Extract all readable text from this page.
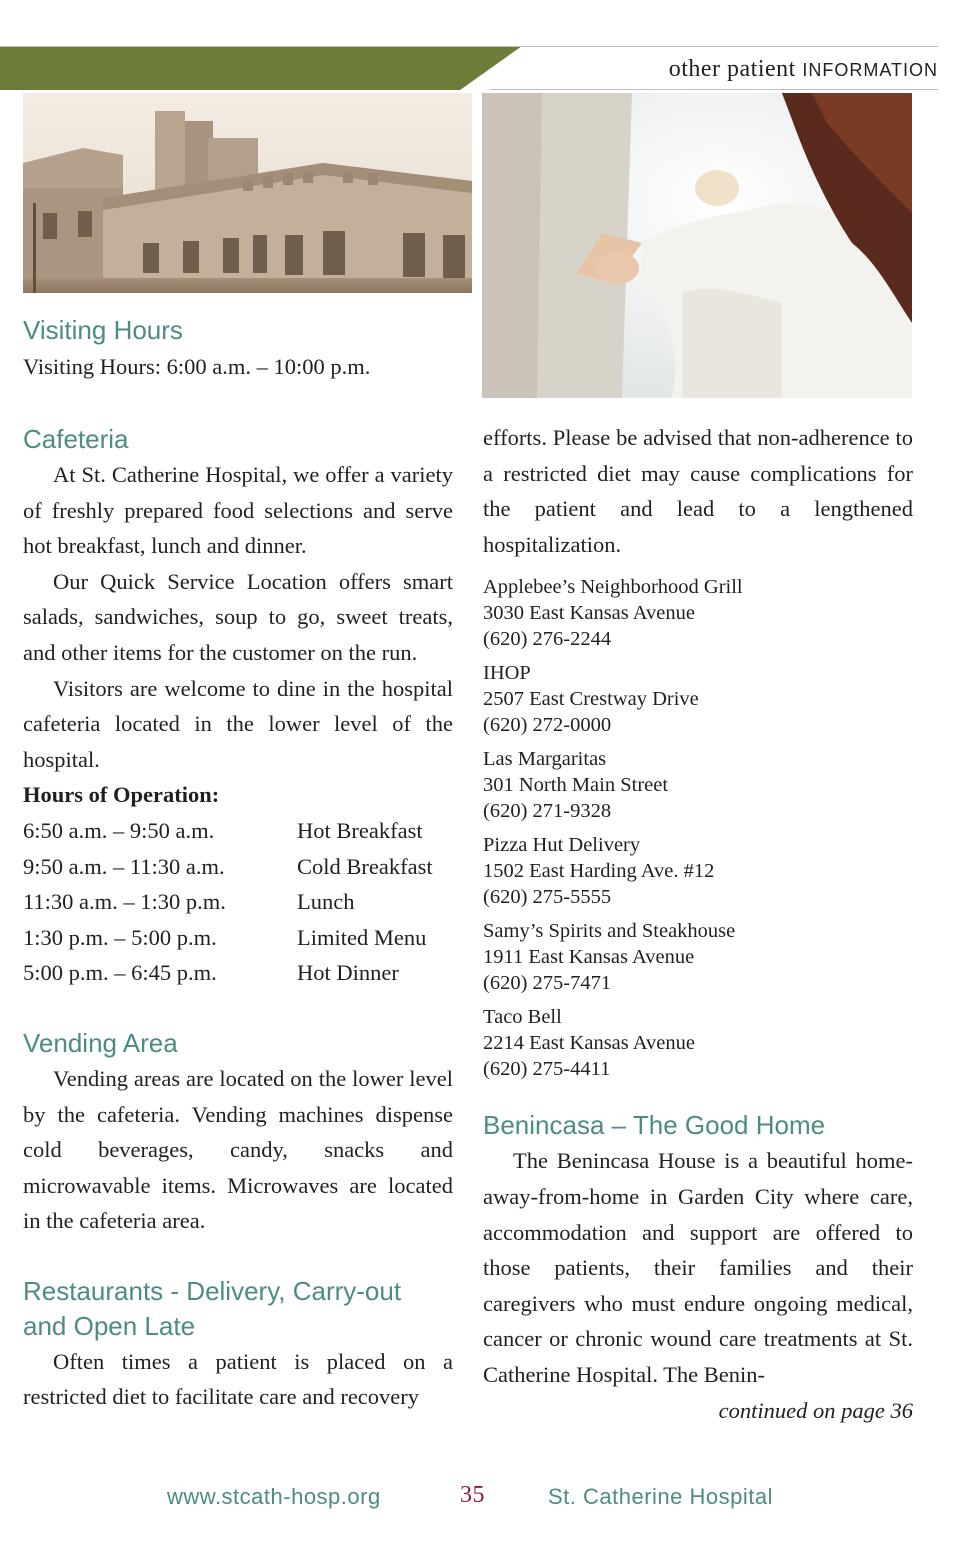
other patient INFORMATION
Visiting Hours

Visiting Hours: 6:00 a.m. – 10:00 p.m.

Cafeteria

At St. Catherine Hospital, we offer a variety of freshly prepared food selections and serve hot breakfast, lunch and dinner.

Our Quick Service Location offers smart salads, sandwiches, soup to go, sweet treats, and other items for the customer on the run.

Visitors are welcome to dine in the hospital cafeteria located in the lower level of the hospital.

Hours of Operation:

6:50 a.m. – 9:50 a.m.	Hot Breakfast
9:50 a.m. – 11:30 a.m.	Cold Breakfast
11:30 a.m. – 1:30 p.m.	Lunch
1:30 p.m. – 5:00 p.m.	Limited Menu
5:00 p.m. – 6:45 p.m.	Hot Dinner
Vending Area

Vending areas are located on the lower level by the cafeteria. Vending machines dispense cold beverages, candy, snacks and microwavable items. Microwaves are located in the cafeteria area.

Restaurants - Delivery, Carry-out
and Open Late

Often times a patient is placed on a restricted diet to facilitate care and recovery

efforts. Please be advised that non-adherence to a restricted diet may cause complications for the patient and lead to a lengthened hospitalization.

Applebee’s Neighborhood Grill
3030 East Kansas Avenue
(620) 276-2244
IHOP
2507 East Crestway Drive
(620) 272-0000
Las Margaritas
301 North Main Street
(620) 271-9328
Pizza Hut Delivery
1502 East Harding Ave. #12
(620) 275-5555
Samy’s Spirits and Steakhouse
1911 East Kansas Avenue
(620) 275-7471
Taco Bell
2214 East Kansas Avenue
(620) 275-4411
Benincasa – The Good Home

The Benincasa House is a beautiful home-away-from-home in Garden City where care, accommodation and support are offered to those patients, their families and their caregivers who must endure ongoing medical, cancer or chronic wound care treatments at St. Catherine Hospital. The Benin-

continued on page 36

www.stcath-hosp.org	35	St. Catherine Hospital
